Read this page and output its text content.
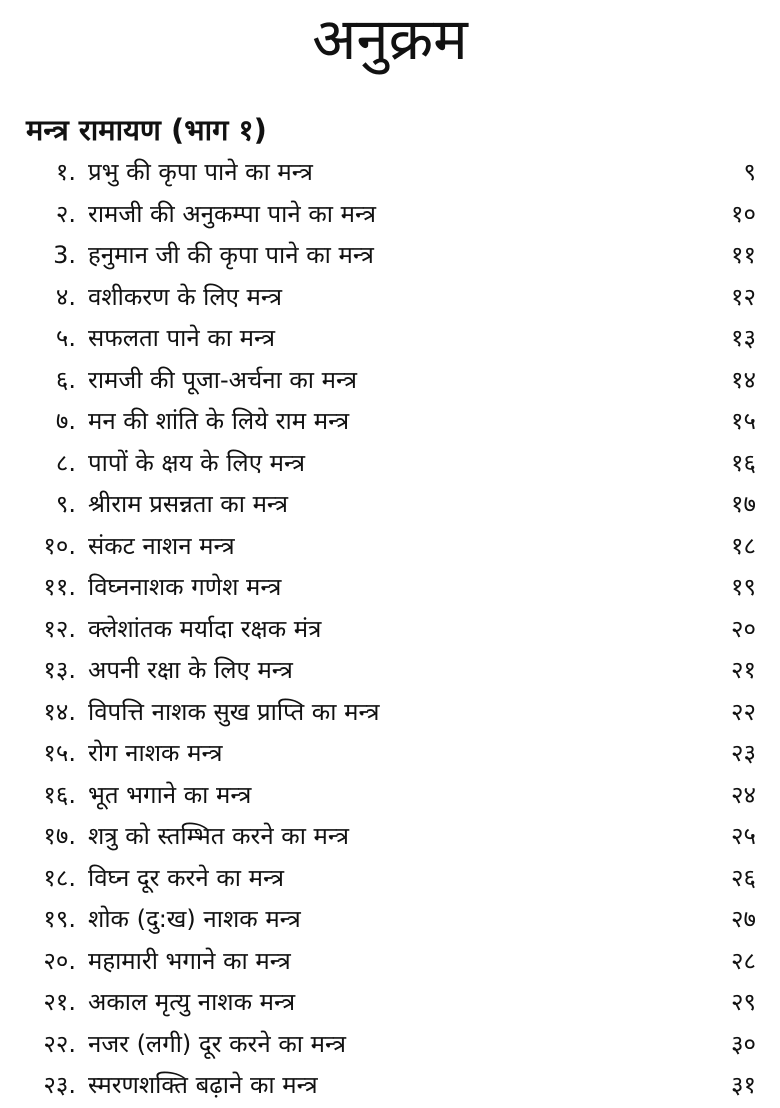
अनुक्रम
मन्त्र रामायण (भाग १)
१. प्रभु की कृपा पाने का मन्त्र	९
२. रामजी की अनुकम्पा पाने का मन्त्र	१०
3. हनुमान जी की कृपा पाने का मन्त्र	११
४. वशीकरण के लिए मन्त्र	१२
५. सफलता पाने का मन्त्र	१३
६. रामजी की पूजा-अर्चना का मन्त्र	१४
७. मन की शांति के लिये राम मन्त्र	१५
८. पापों के क्षय के लिए मन्त्र	१६
९. श्रीराम प्रसन्नता का मन्त्र	१७
१०. संकट नाशन मन्त्र	१८
११. विघ्ननाशक गणेश मन्त्र	१९
१२. क्लेशांतक मर्यादा रक्षक मंत्र	२०
१३. अपनी रक्षा के लिए मन्त्र	२१
१४. विपत्ति नाशक सुख प्राप्ति का मन्त्र	२२
१५. रोग नाशक मन्त्र	२३
१६. भूत भगाने का मन्त्र	२४
१७. शत्रु को स्तम्भित करने का मन्त्र	२५
१८. विघ्न दूर करने का मन्त्र	२६
१९. शोक (दु:ख) नाशक मन्त्र	२७
२०. महामारी भगाने का मन्त्र	२८
२१. अकाल मृत्यु नाशक मन्त्र	२९
२२. नजर (लगी) दूर करने का मन्त्र	३०
२३. स्मरणशक्ति बढ़ाने का मन्त्र	३१
